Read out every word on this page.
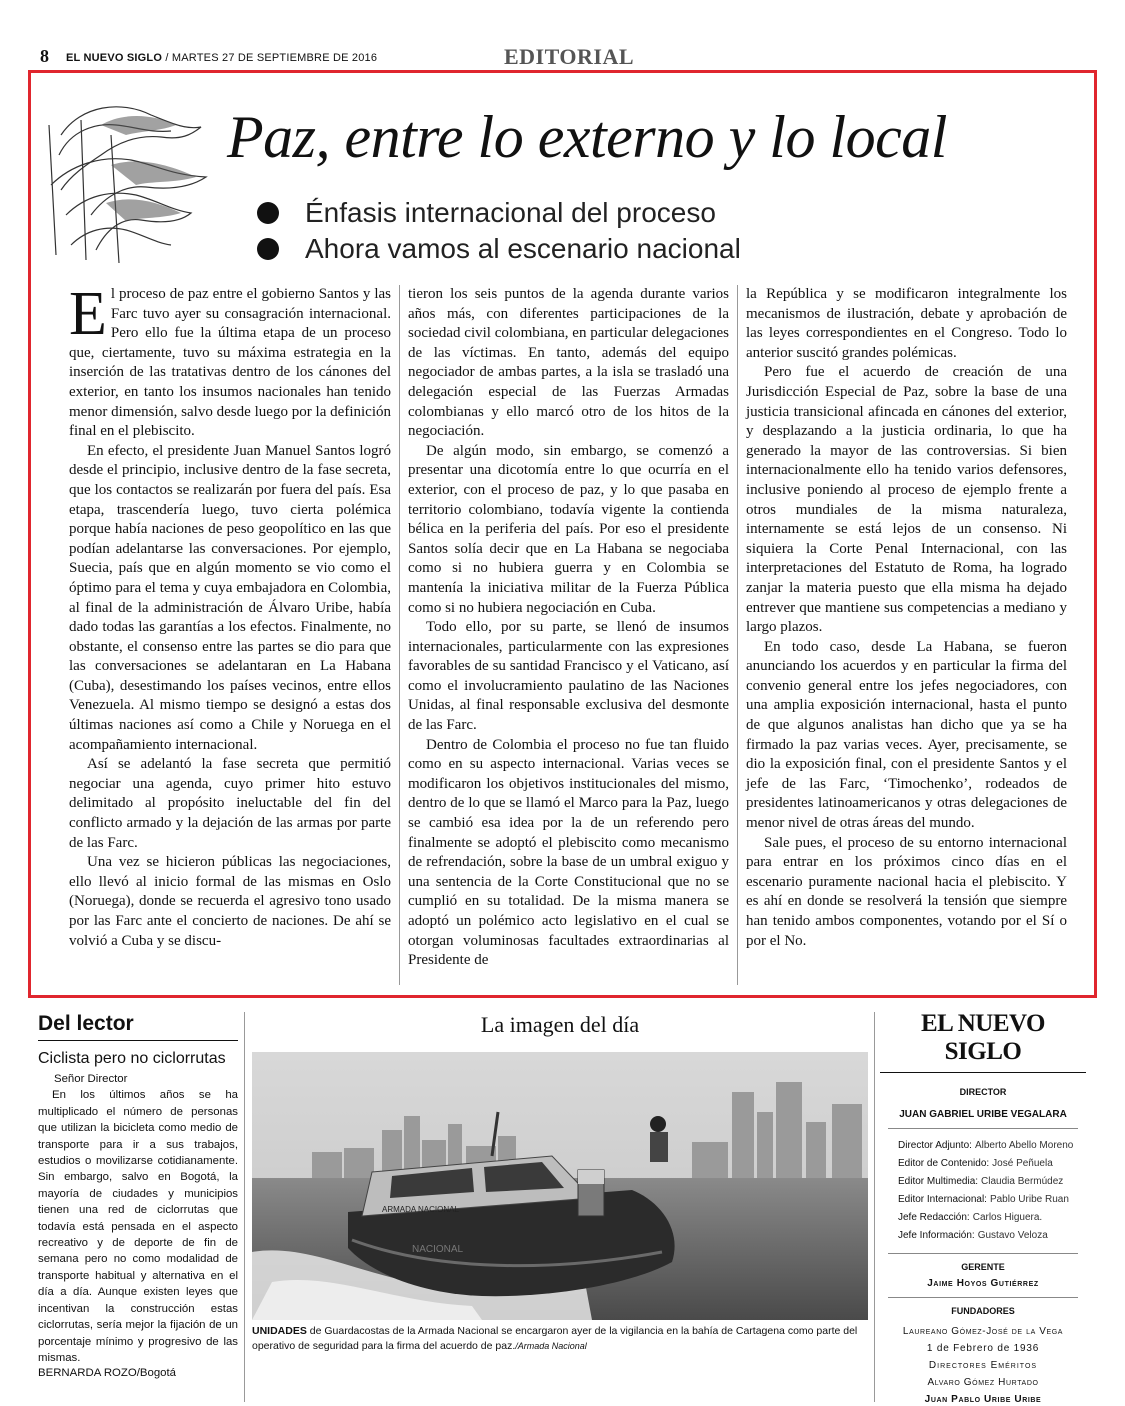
8 EL NUEVO SIGLO / MARTES 27 DE SEPTIEMBRE DE 2016	EDITORIAL
Paz, entre lo externo y lo local
Énfasis internacional del proceso
Ahora vamos al escenario nacional

El proceso de paz entre el gobierno Santos y las Farc tuvo ayer su consagración internacional. Pero ello fue la última etapa de un proceso que, ciertamente, tuvo su máxima estrategia en la inserción de las tratativas dentro de los cánones del exterior, en tanto los insumos nacionales han tenido menor dimensión, salvo desde luego por la definición final en el plebiscito.

En efecto, el presidente Juan Manuel Santos logró desde el principio, inclusive dentro de la fase secreta, que los contactos se realizarán por fuera del país. Esa etapa, trascendería luego, tuvo cierta polémica porque había naciones de peso geopolítico en las que podían adelantarse las conversaciones. Por ejemplo, Suecia, país que en algún momento se vio como el óptimo para el tema y cuya embajadora en Colombia, al final de la administración de Álvaro Uribe, había dado todas las garantías a los efectos. Finalmente, no obstante, el consenso entre las partes se dio para que las conversaciones se adelantaran en La Habana (Cuba), desestimando los países vecinos, entre ellos Venezuela. Al mismo tiempo se designó a estas dos últimas naciones así como a Chile y Noruega en el acompañamiento internacional.

Así se adelantó la fase secreta que permitió negociar una agenda, cuyo primer hito estuvo delimitado al propósito ineluctable del fin del conflicto armado y la dejación de las armas por parte de las Farc.

Una vez se hicieron públicas las negociaciones, ello llevó al inicio formal de las mismas en Oslo (Noruega), donde se recuerda el agresivo tono usado por las Farc ante el concierto de naciones. De ahí se volvió a Cuba y se discu-

tieron los seis puntos de la agenda durante varios años más, con diferentes participaciones de la sociedad civil colombiana, en particular delegaciones de las víctimas. En tanto, además del equipo negociador de ambas partes, a la isla se trasladó una delegación especial de las Fuerzas Armadas colombianas y ello marcó otro de los hitos de la negociación.

De algún modo, sin embargo, se comenzó a presentar una dicotomía entre lo que ocurría en el exterior, con el proceso de paz, y lo que pasaba en territorio colombiano, todavía vigente la contienda bélica en la periferia del país. Por eso el presidente Santos solía decir que en La Habana se negociaba como si no hubiera guerra y en Colombia se mantenía la iniciativa militar de la Fuerza Pública como si no hubiera negociación en Cuba.

Todo ello, por su parte, se llenó de insumos internacionales, particularmente con las expresiones favorables de su santidad Francisco y el Vaticano, así como el involucramiento paulatino de las Naciones Unidas, al final responsable exclusiva del desmonte de las Farc.

Dentro de Colombia el proceso no fue tan fluido como en su aspecto internacional. Varias veces se modificaron los objetivos institucionales del mismo, dentro de lo que se llamó el Marco para la Paz, luego se cambió esa idea por la de un referendo pero finalmente se adoptó el plebiscito como mecanismo de refrendación, sobre la base de un umbral exiguo y una sentencia de la Corte Constitucional que no se cumplió en su totalidad. De la misma manera se adoptó un polémico acto legislativo en el cual se otorgan voluminosas facultades extraordinarias al Presidente de

la República y se modificaron integralmente los mecanismos de ilustración, debate y aprobación de las leyes correspondientes en el Congreso. Todo lo anterior suscitó grandes polémicas.

Pero fue el acuerdo de creación de una Jurisdicción Especial de Paz, sobre la base de una justicia transicional afincada en cánones del exterior, y desplazando a la justicia ordinaria, lo que ha generado la mayor de las controversias. Si bien internacionalmente ello ha tenido varios defensores, inclusive poniendo al proceso de ejemplo frente a otros mundiales de la misma naturaleza, internamente se está lejos de un consenso. Ni siquiera la Corte Penal Internacional, con las interpretaciones del Estatuto de Roma, ha logrado zanjar la materia puesto que ella misma ha dejado entrever que mantiene sus competencias a mediano y largo plazos.

En todo caso, desde La Habana, se fueron anunciando los acuerdos y en particular la firma del convenio general entre los jefes negociadores, con una amplia exposición internacional, hasta el punto de que algunos analistas han dicho que ya se ha firmado la paz varias veces. Ayer, precisamente, se dio la exposición final, con el presidente Santos y el jefe de las Farc, ‘Timochenko’, rodeados de presidentes latinoamericanos y otras delegaciones de menor nivel de otras áreas del mundo.

Sale pues, el proceso de su entorno internacional para entrar en los próximos cinco días en el escenario puramente nacional hacia el plebiscito. Y es ahí en donde se resolverá la tensión que siempre han tenido ambos componentes, votando por el Sí o por el No.

Del lector
Ciclista pero no ciclorrutas
Señor Director
En los últimos años se ha multiplicado el número de personas que utilizan la bicicleta como medio de transporte para ir a sus trabajos, estudios o movilizarse cotidianamente. Sin embargo, salvo en Bogotá, la mayoría de ciudades y municipios tienen una red de ciclorrutas que todavía está pensada en el aspecto recreativo y de deporte de fin de semana pero no como modalidad de transporte habitual y alternativa en el día a día. Aunque existen leyes que incentivan la construcción estas ciclorrutas, sería mejor la fijación de un porcentaje mínimo y progresivo de las mismas.
BERNARDA ROZO/Bogotá
La imagen del día
ARMADA NACIONAL
NACIONAL
UNIDADES de Guardacostas de la Armada Nacional se encargaron ayer de la vigilancia en la bahía de Cartagena como parte del operativo de seguridad para la firma del acuerdo de paz./Armada Nacional
EL NUEVO SIGLO
DIRECTOR
JUAN GABRIEL URIBE VEGALARA
Director Adjunto: Alberto Abello Moreno
Editor de Contenido: José Peñuela
Editor Multimedia: Claudia Bermúdez
Editor Internacional: Pablo Uribe Ruan
Jefe Redacción: Carlos Higuera.
Jefe Información: Gustavo Veloza
GERENTE
Jaime Hoyos Gutiérrez
FUNDADORES
Laureano Gómez-José de la Vega
1 de Febrero de 1936
Directores Eméritos
Alvaro Gómez Hurtado
Juan Pablo Uribe Uribe
